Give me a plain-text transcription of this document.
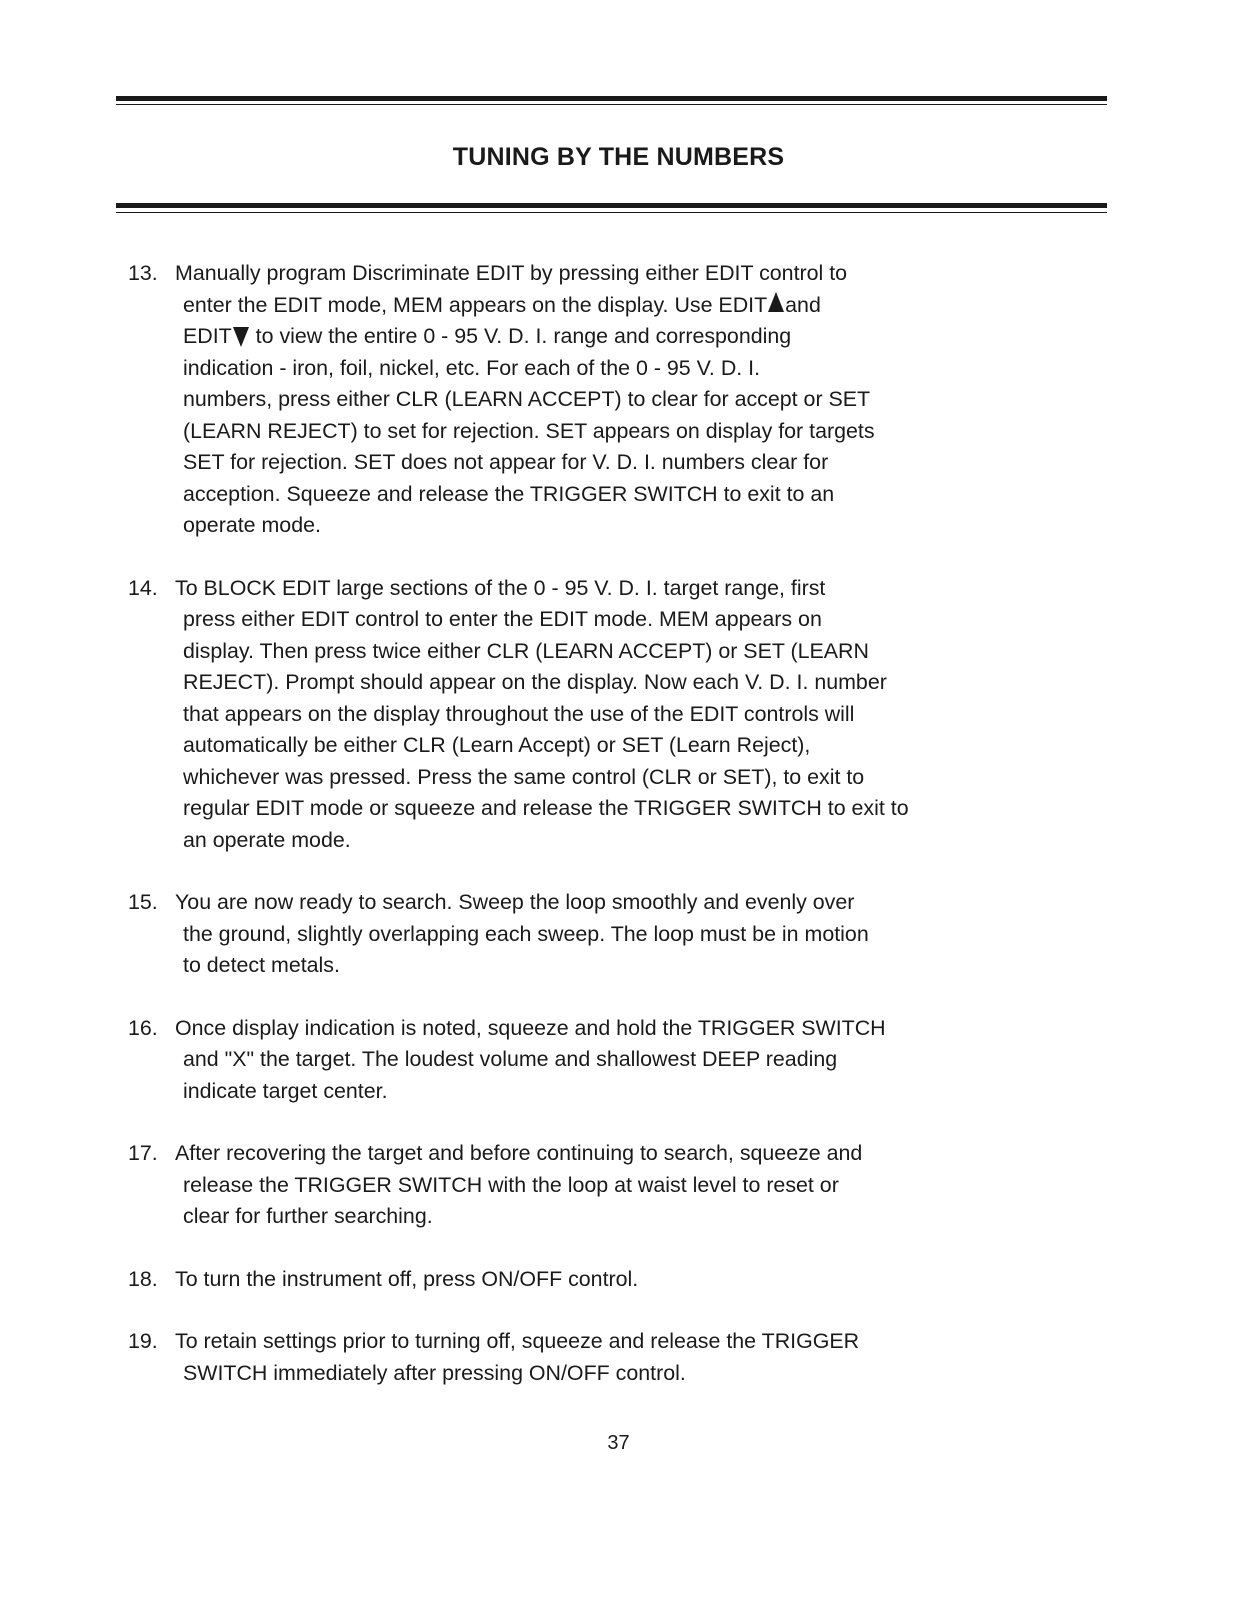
TUNING BY THE NUMBERS
13. Manually program Discriminate EDIT by pressing either EDIT control to
enter the EDIT mode, MEM appears on the display. Use EDIT and
EDIT to view the entire 0 - 95 V. D. I. range and corresponding
indication - iron, foil, nickel, etc. For each of the 0 - 95 V. D. I.
numbers, press either CLR (LEARN ACCEPT) to clear for accept or SET
(LEARN REJECT) to set for rejection. SET appears on display for targets
SET for rejection. SET does not appear for V. D. I. numbers clear for
acception. Squeeze and release the TRIGGER SWITCH to exit to an
operate mode.
14. To BLOCK EDIT large sections of the 0 - 95 V. D. I. target range, first
press either EDIT control to enter the EDIT mode. MEM appears on
display. Then press twice either CLR (LEARN ACCEPT) or SET (LEARN
REJECT). Prompt should appear on the display. Now each V. D. I. number
that appears on the display throughout the use of the EDIT controls will
automatically be either CLR (Learn Accept) or SET (Learn Reject),
whichever was pressed. Press the same control (CLR or SET), to exit to
regular EDIT mode or squeeze and release the TRIGGER SWITCH to exit to
an operate mode.
15. You are now ready to search. Sweep the loop smoothly and evenly over
the ground, slightly overlapping each sweep. The loop must be in motion
to detect metals.
16. Once display indication is noted, squeeze and hold the TRIGGER SWITCH
and "X" the target. The loudest volume and shallowest DEEP reading
indicate target center.
17. After recovering the target and before continuing to search, squeeze and
release the TRIGGER SWITCH with the loop at waist level to reset or
clear for further searching.
18. To turn the instrument off, press ON/OFF control.
19. To retain settings prior to turning off, squeeze and release the TRIGGER
SWITCH immediately after pressing ON/OFF control.
37
